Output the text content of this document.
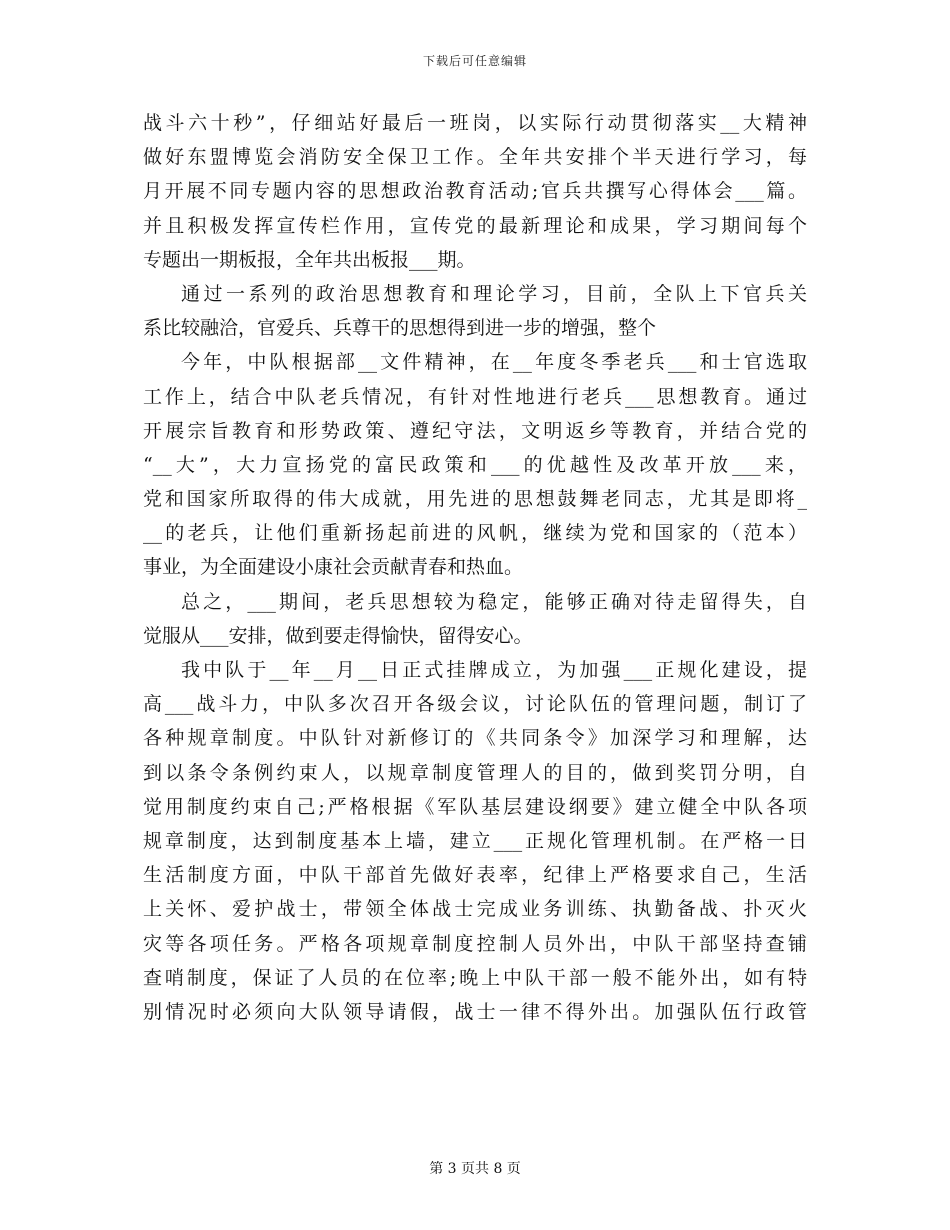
下载后可任意编辑
战斗六十秒”，仔细站好最后一班岗，以实际行动贯彻落实__大精神
做好东盟博览会消防安全保卫工作。全年共安排个半天进行学习，每
月开展不同专题内容的思想政治教育活动;官兵共撰写心得体会___篇。
并且积极发挥宣传栏作用，宣传党的最新理论和成果，学习期间每个
专题出一期板报，全年共出板报___期。
通过一系列的政治思想教育和理论学习，目前，全队上下官兵关
系比较融洽，官爱兵、兵尊干的思想得到进一步的增强，整个
今年，中队根据部__文件精神，在__年度冬季老兵___和士官选取
工作上，结合中队老兵情况，有针对性地进行老兵___思想教育。通过
开展宗旨教育和形势政策、遵纪守法，文明返乡等教育，并结合党的
“__大”，大力宣扬党的富民政策和___的优越性及改革开放___来，
党和国家所取得的伟大成就，用先进的思想鼓舞老同志，尤其是即将_
__的老兵，让他们重新扬起前进的风帆，继续为党和国家的（范本）
事业，为全面建设小康社会贡献青春和热血。
总之，___期间，老兵思想较为稳定，能够正确对待走留得失，自
觉服从___安排，做到要走得愉快，留得安心。
我中队于__年__月__日正式挂牌成立，为加强___正规化建设，提
高___战斗力，中队多次召开各级会议，讨论队伍的管理问题，制订了
各种规章制度。中队针对新修订的《共同条令》加深学习和理解，达
到以条令条例约束人，以规章制度管理人的目的，做到奖罚分明，自
觉用制度约束自己;严格根据《军队基层建设纲要》建立健全中队各项
规章制度，达到制度基本上墙，建立___正规化管理机制。在严格一日
生活制度方面，中队干部首先做好表率，纪律上严格要求自己，生活
上关怀、爱护战士，带领全体战士完成业务训练、执勤备战、扑灭火
灾等各项任务。严格各项规章制度控制人员外出，中队干部坚持查铺
查哨制度，保证了人员的在位率;晚上中队干部一般不能外出，如有特
别情况时必须向大队领导请假，战士一律不得外出。加强队伍行政管
第 3 页共 8 页
